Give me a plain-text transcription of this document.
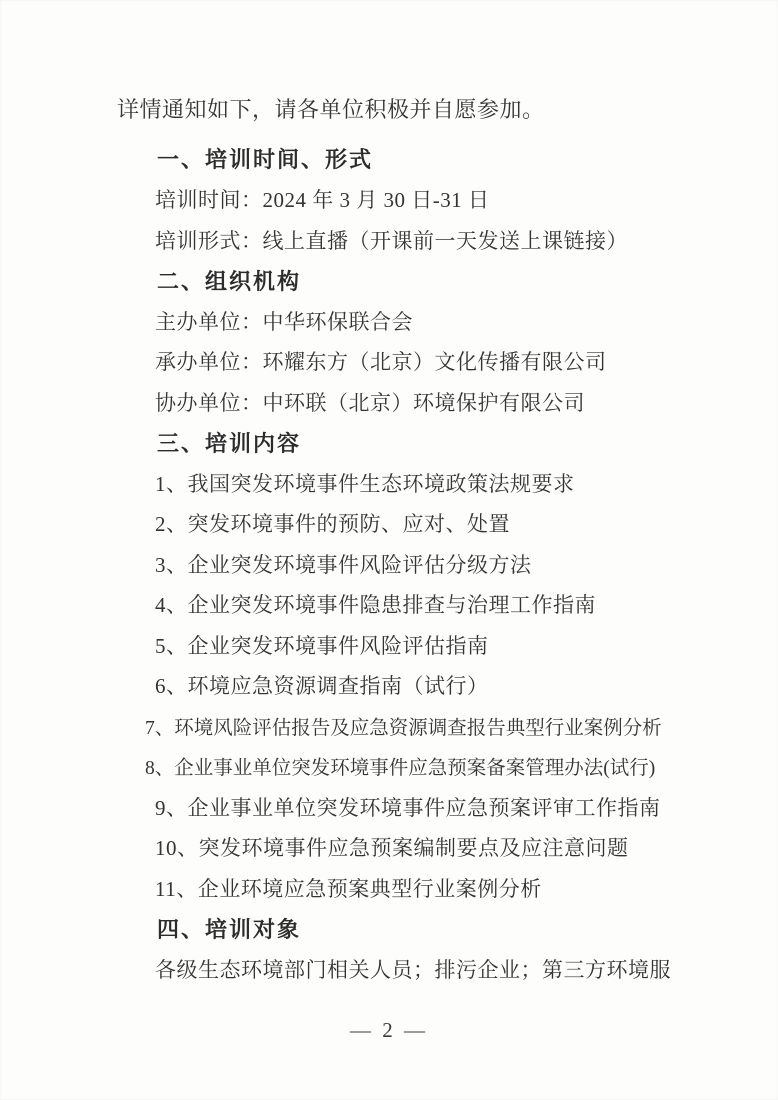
详情通知如下，请各单位积极并自愿参加。

一、培训时间、形式

培训时间：2024 年 3 月 30 日-31 日

培训形式：线上直播（开课前一天发送上课链接）

二、组织机构

主办单位：中华环保联合会

承办单位：环耀东方（北京）文化传播有限公司

协办单位：中环联（北京）环境保护有限公司

三、培训内容

1、我国突发环境事件生态环境政策法规要求

2、突发环境事件的预防、应对、处置

3、企业突发环境事件风险评估分级方法

4、企业突发环境事件隐患排查与治理工作指南

5、企业突发环境事件风险评估指南

6、环境应急资源调查指南（试行）

7、环境风险评估报告及应急资源调查报告典型行业案例分析

8、企业事业单位突发环境事件应急预案备案管理办法(试行)

9、企业事业单位突发环境事件应急预案评审工作指南

10、突发环境事件应急预案编制要点及应注意问题

11、企业环境应急预案典型行业案例分析

四、培训对象

各级生态环境部门相关人员；排污企业；第三方环境服

— 2 —
